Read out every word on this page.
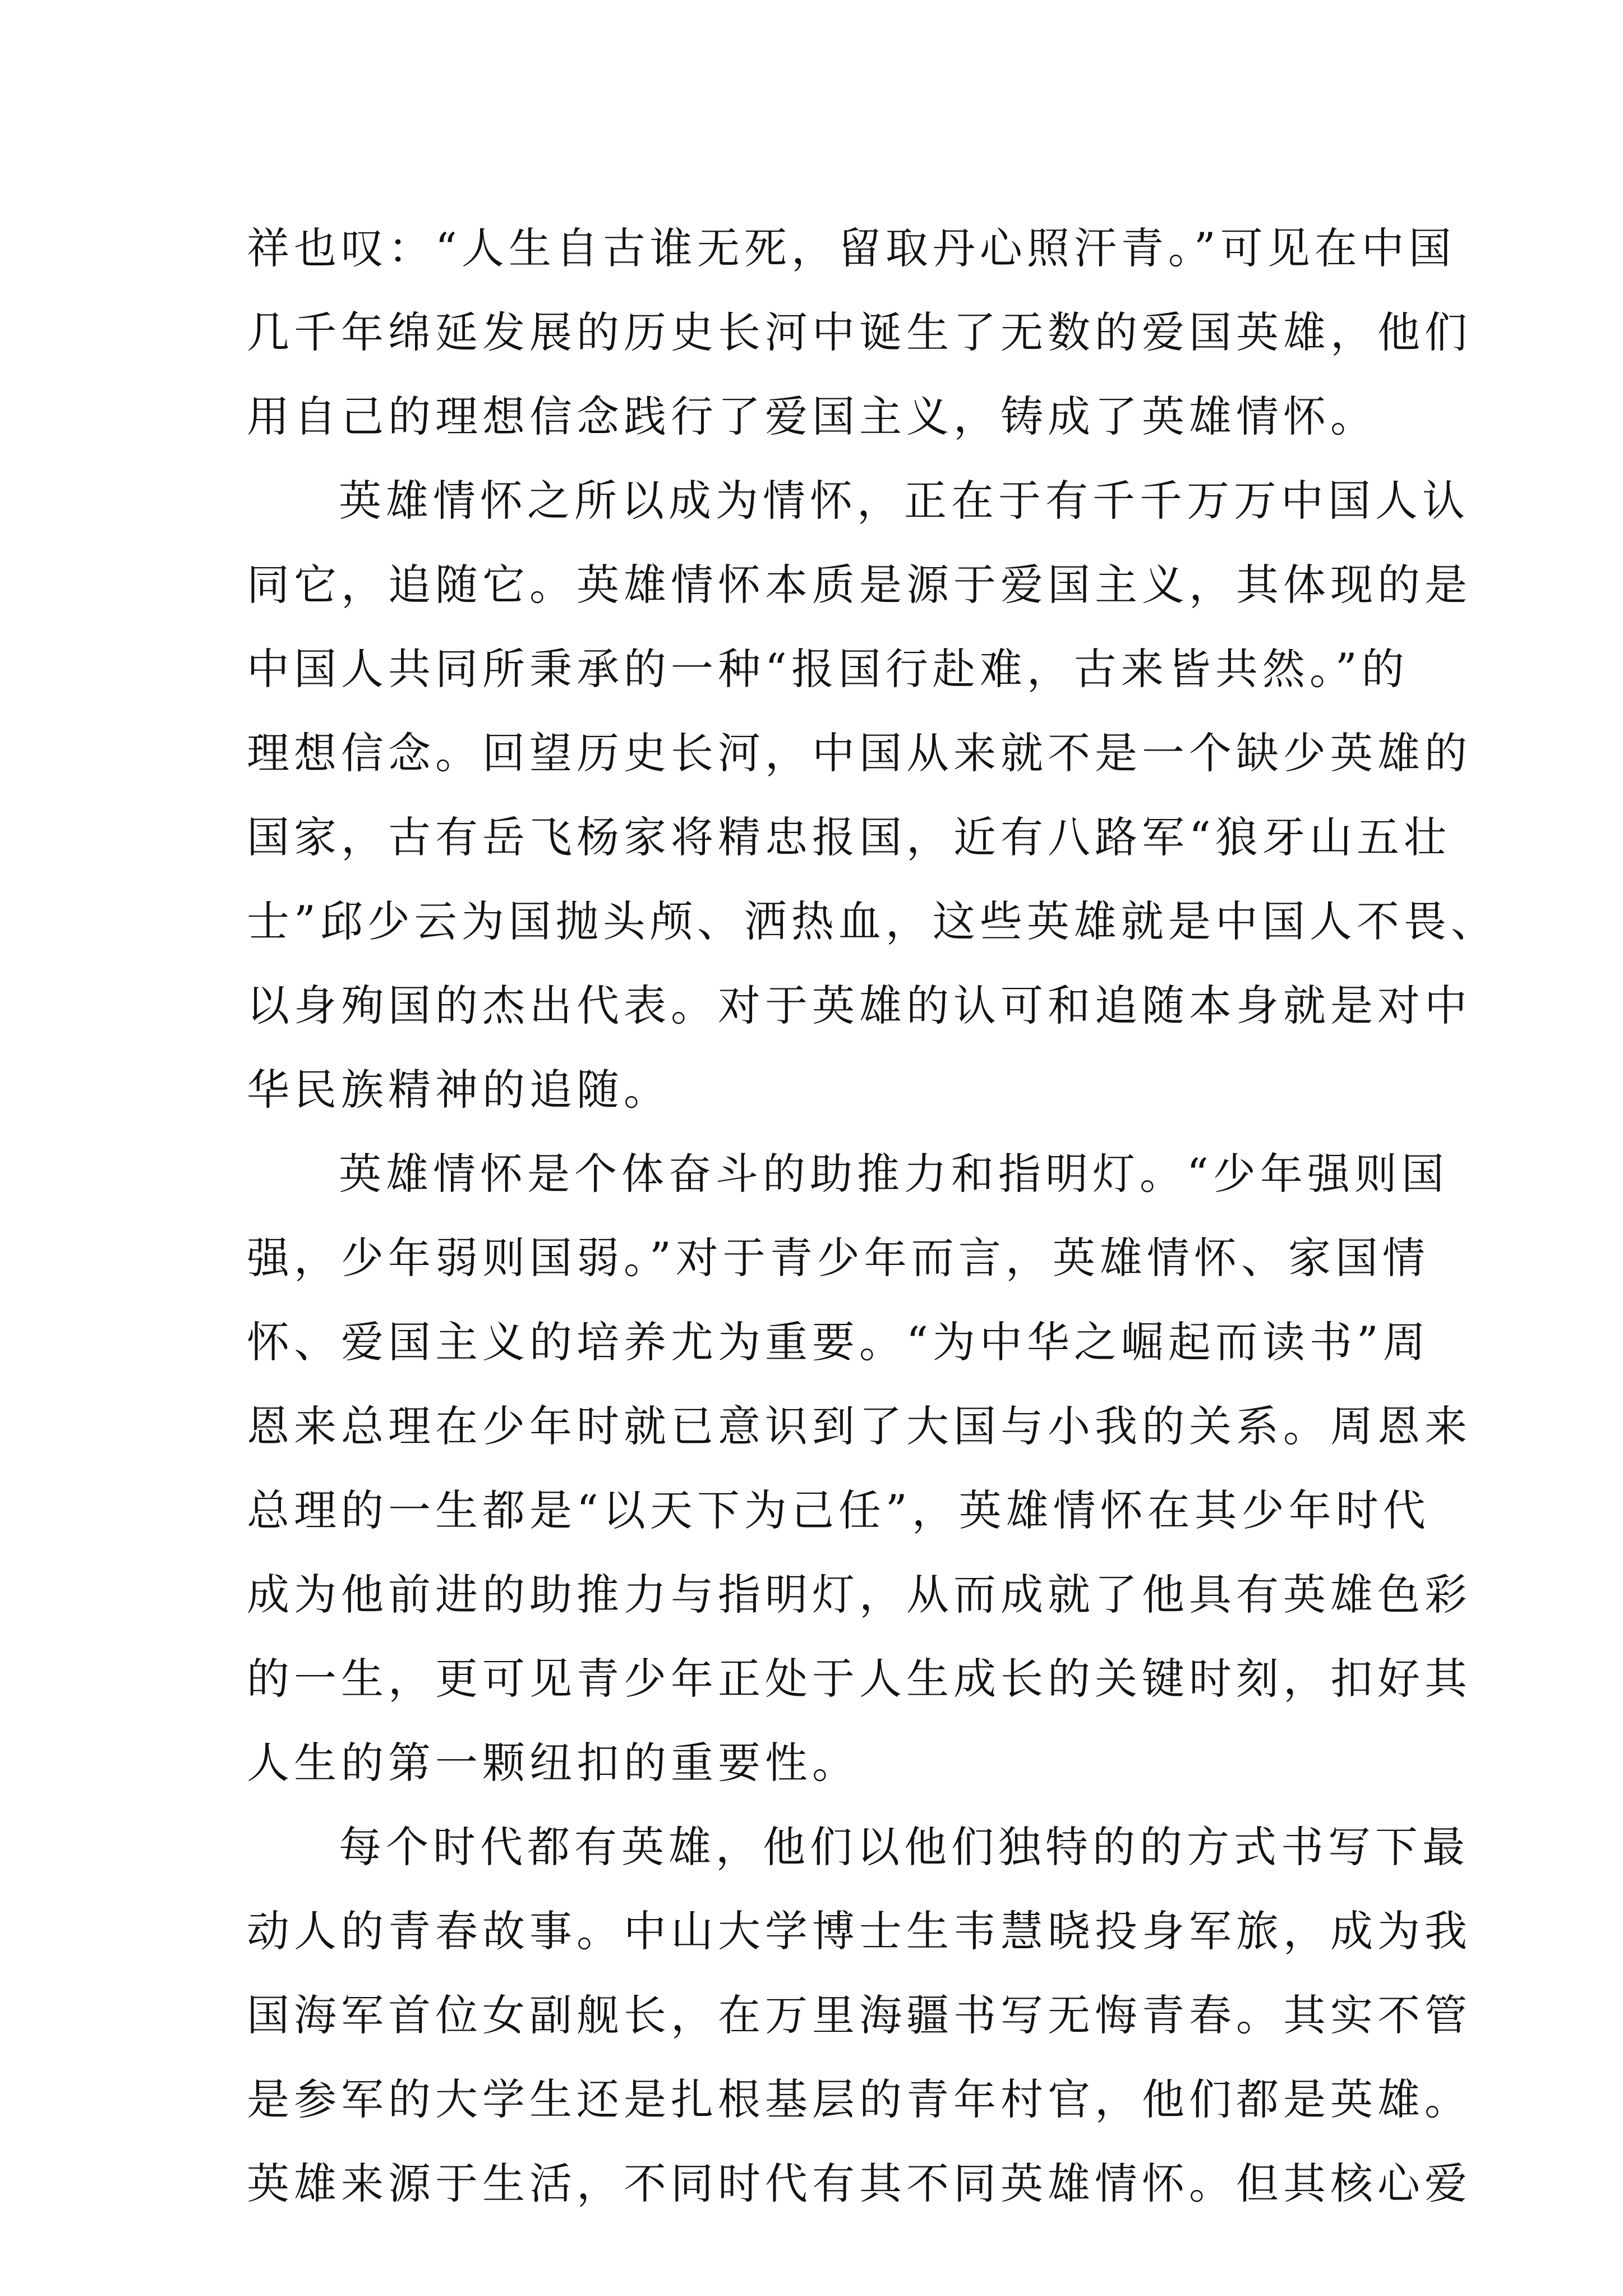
祥也叹：“人生自古谁无死，留取丹心照汗青。”可见在中国
几千年绵延发展的历史长河中诞生了无数的爱国英雄，他们
用自己的理想信念践行了爱国主义，铸成了英雄情怀。
英雄情怀之所以成为情怀，正在于有千千万万中国人认
同它，追随它。英雄情怀本质是源于爱国主义，其体现的是
中国人共同所秉承的一种“报国行赴难，古来皆共然。”的
理想信念。回望历史长河，中国从来就不是一个缺少英雄的
国家，古有岳飞杨家将精忠报国，近有八路军“狼牙山五壮
士”邱少云为国抛头颅、洒热血，这些英雄就是中国人不畏、
以身殉国的杰出代表。对于英雄的认可和追随本身就是对中
华民族精神的追随。
英雄情怀是个体奋斗的助推力和指明灯。“少年强则国
强，少年弱则国弱。”对于青少年而言，英雄情怀、家国情
怀、爱国主义的培养尤为重要。“为中华之崛起而读书”周
恩来总理在少年时就已意识到了大国与小我的关系。周恩来
总理的一生都是“以天下为己任”，英雄情怀在其少年时代
成为他前进的助推力与指明灯，从而成就了他具有英雄色彩
的一生，更可见青少年正处于人生成长的关键时刻，扣好其
人生的第一颗纽扣的重要性。
每个时代都有英雄，他们以他们独特的的方式书写下最
动人的青春故事。中山大学博士生韦慧晓投身军旅，成为我
国海军首位女副舰长，在万里海疆书写无悔青春。其实不管
是参军的大学生还是扎根基层的青年村官，他们都是英雄。
英雄来源于生活，不同时代有其不同英雄情怀。但其核心爱
